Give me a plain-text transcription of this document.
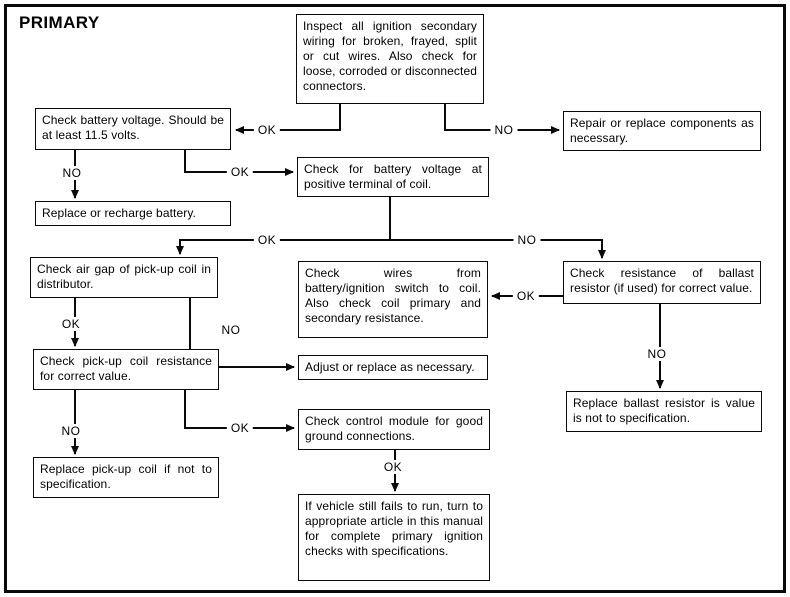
PRIMARY	Inspect all ignition secondary wiring for broken, frayed, split or cut wires. Also check for loose, corroded or disconnected connectors.
Check battery voltage. Should be at least 11.5 volts.
Repair or replace components as necessary.
Check for battery voltage at positive terminal of coil.
Replace or recharge battery.
Check air gap of pick-up coil in distributor.
Check wires from battery/ignition switch to coil. Also check coil primary and secondary resistance.
Check resistance of ballast resistor (if used) for correct value.
Check pick-up coil resistance for correct value.
Adjust or replace as necessary.
Replace ballast resistor is value is not to specification.
Check control module for good ground connections.
Replace pick-up coil if not to specification.
If vehicle still fails to run, turn to appropriate article in this manual for complete primary ignition checks with specifications.
OK	NO
NO	OK
OK	NO
OK	NO
NO	OK
OK
OK
NO
